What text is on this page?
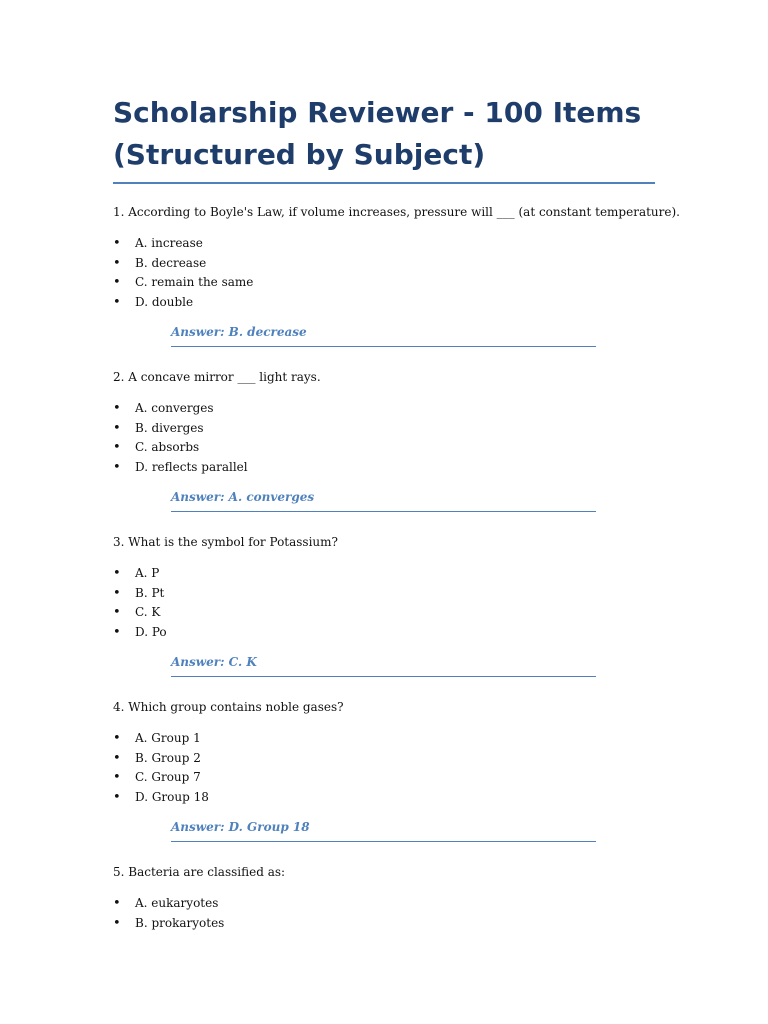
Scholarship Reviewer - 100 Items
(Structured by Subject)
1. According to Boyle's Law, if volume increases, pressure will ___ (at constant temperature).
• A. increase
• B. decrease
• C. remain the same
• D. double
Answer: B. decrease
2. A concave mirror ___ light rays.
• A. converges
• B. diverges
• C. absorbs
• D. reflects parallel
Answer: A. converges
3. What is the symbol for Potassium?
• A. P
• B. Pt
• C. K
• D. Po
Answer: C. K
4. Which group contains noble gases?
• A. Group 1
• B. Group 2
• C. Group 7
• D. Group 18
Answer: D. Group 18
5. Bacteria are classified as:
• A. eukaryotes
• B. prokaryotes
